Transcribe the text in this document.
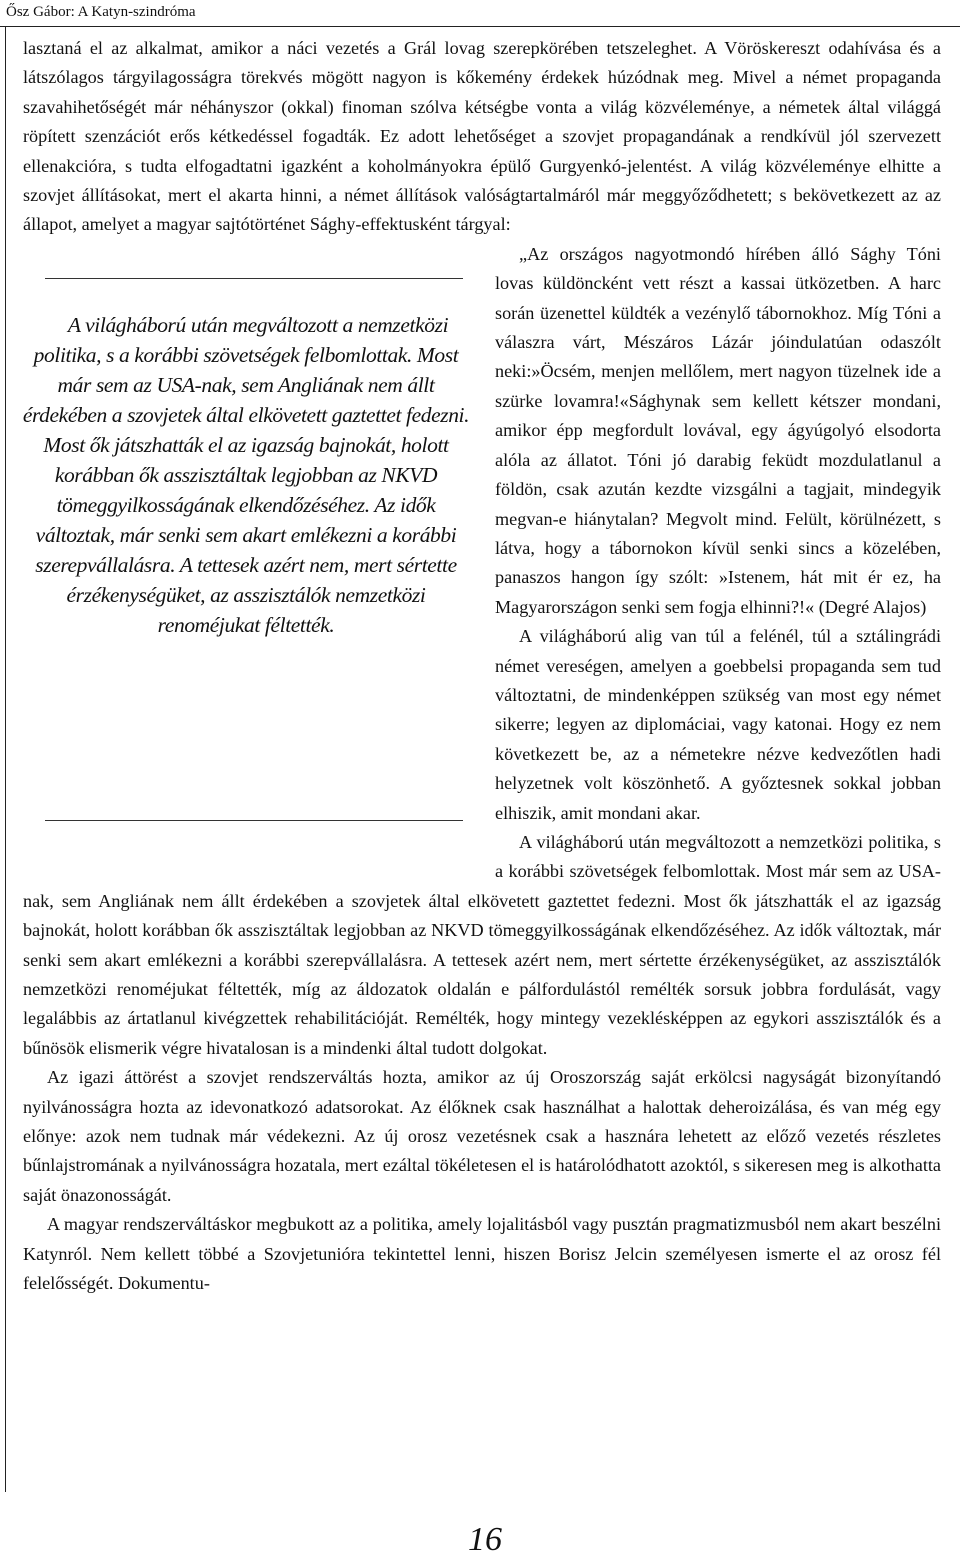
Ősz Gábor: A Katyn-szindróma

lasztaná el az alkalmat, amikor a náci vezetés a Grál lovag szerepkörében tetszeleghet. A Vöröskereszt odahívása és a látszólagos tárgyilagosságra törekvés mögött nagyon is kőkemény érdekek húzódnak meg. Mivel a német propaganda szavahihetőségét már néhányszor (okkal) finoman szólva kétségbe vonta a világ közvéleménye, a németek által világgá röpített szenzációt erős kétkedéssel fogadták. Ez adott lehetőséget a szovjet propagandának a rendkívül jól szervezett ellenakcióra, s tudta elfogadtatni igazként a koholmányokra épülő Gurgyenkó-jelentést. A világ közvéleménye elhitte a szovjet állításokat, mert el akarta hinni, a német állítások valóságtartalmáról már meggyőződhetett; s bekövetkezett az az állapot, amelyet a magyar sajtótörténet Sághy-effektusként tárgyal:

A világháború után megváltozott a nemzetközi politika, s a korábbi szövetségek felbomlottak. Most már sem az USA-nak, sem Angliának nem állt érdekében a szovjetek által elkövetett gaztettet fedezni. Most ők játszhatták el az igazság bajnokát, holott korábban ők asszisztáltak legjobban az NKVD tömeggyilkosságának elkendőzéséhez. Az idők változtak, már senki sem akart emlékezni a korábbi szerepvállalásra. A tettesek azért nem, mert sértette érzékenységüket, az asszisztálók nemzetközi renoméjukat féltették.
„Az országos nagyotmondó hírében álló Sághy Tóni lovas küldöncként vett részt a kassai ütközetben. A harc során üzenettel küldték a vezénylő tábornokhoz. Míg Tóni a válaszra várt, Mészáros Lázár jóindulatúan odaszólt neki:»Öcsém, menjen mellőlem, mert nagyon tüzelnek ide a szürke lovamra!«Sághynak sem kellett kétszer mondani, amikor épp megfordult lovával, egy ágyúgolyó elsodorta alóla az állatot. Tóni jó darabig feküdt mozdulatlanul a földön, csak azután kezdte vizsgálni a tagjait, mindegyik megvan-e hiánytalan? Megvolt mind. Felült, körülnézett, s látva, hogy a tábornokon kívül senki sincs a közelében, panaszos hangon így szólt: »Istenem, hát mit ér ez, ha Magyarországon senki sem fogja elhinni?!« (Degré Alajos)

A világháború alig van túl a felénél, túl a sztálingrádi német vereségen, amelyen a goebbelsi propaganda sem tud változtatni, de mindenképpen szükség van most egy német sikerre; legyen az diplomáciai, vagy katonai. Hogy ez nem következett be, az a németekre nézve kedvezőtlen hadi helyzetnek volt köszönhető. A győztesnek sokkal jobban elhiszik, amit mondani akar.

A világháború után megváltozott a nemzetközi politika, s a korábbi szövetségek felbomlottak. Most már sem az USA-nak, sem Angliának nem állt érdekében a szovjetek által elkövetett gaztettet fedezni. Most ők játszhatták el az igazság bajnokát, holott korábban ők asszisztáltak legjobban az NKVD tömeggyilkosságának elkendőzéséhez. Az idők változtak, már senki sem akart emlékezni a korábbi szerepvállalásra. A tettesek azért nem, mert sértette érzékenységüket, az asszisztálók nemzetközi renoméjukat féltették, míg az áldozatok oldalán e pálfordulástól remélték sorsuk jobbra fordulását, vagy legalábbis az ártatlanul kivégzettek rehabilitációját. Remélték, hogy mintegy vezeklésképpen az egykori asszisztálók és a bűnösök elismerik végre hivatalosan is a mindenki által tudott dolgokat.

Az igazi áttörést a szovjet rendszerváltás hozta, amikor az új Oroszország saját erkölcsi nagyságát bizonyítandó nyilvánosságra hozta az idevonatkozó adatsorokat. Az élőknek csak használhat a halottak deheroizálása, és van még egy előnye: azok nem tudnak már védekezni. Az új orosz vezetésnek csak a hasznára lehetett az előző vezetés részletes bűnlajstromának a nyilvánosságra hozatala, mert ezáltal tökéletesen el is határolódhatott azoktól, s sikeresen meg is alkothatta saját önazonosságát.

A magyar rendszerváltáskor megbukott az a politika, amely lojalitásból vagy pusztán pragmatizmusból nem akart beszélni Katynról. Nem kellett többé a Szovjetunióra tekintettel lenni, hiszen Borisz Jelcin személyesen ismerte el az orosz fél felelősségét. Dokumentu-

16
